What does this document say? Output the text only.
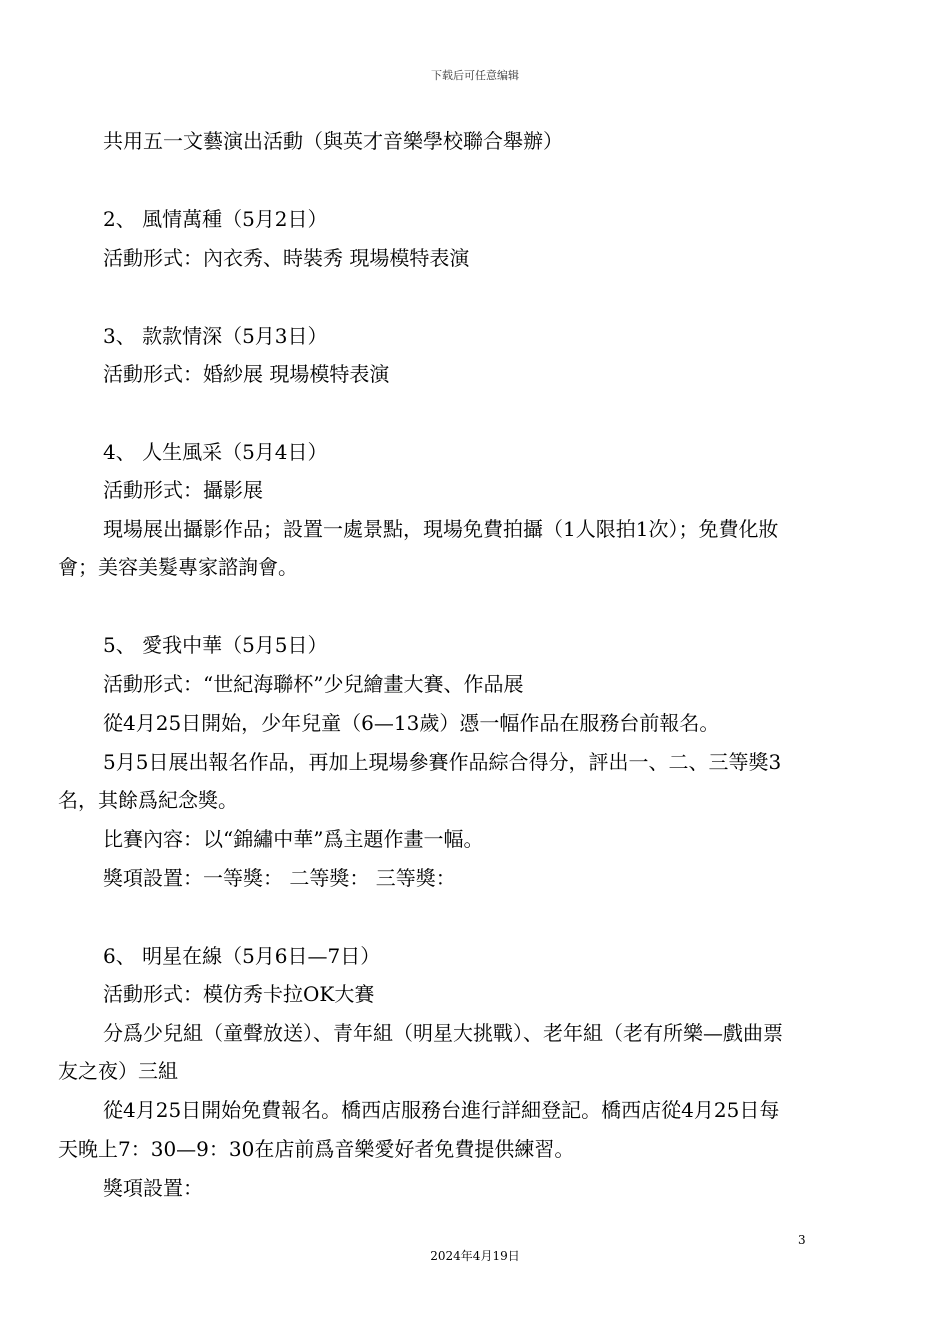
下载后可任意编辑
共用五一文藝演出活動（與英才音樂學校聯合舉辦）
2、 風情萬種（5月2日）
活動形式：內衣秀、時裝秀 現場模特表演
3、 款款情深（5月3日）
活動形式：婚紗展 現場模特表演
4、 人生風采（5月4日）
活動形式：攝影展
現場展出攝影作品；設置一處景點，現場免費拍攝（1人限拍1次）；免費化妝
會；美容美髮專家諮詢會。
5、 愛我中華（5月5日）
活動形式：“世紀海聯杯”少兒繪畫大賽、作品展
從4月25日開始，少年兒童（6—13歲）憑一幅作品在服務台前報名。
5月5日展出報名作品，再加上現場參賽作品綜合得分，評出一、二、三等獎3
名，其餘爲紀念獎。
比賽內容：以“錦繡中華”爲主題作畫一幅。
獎項設置：一等獎： 二等獎： 三等獎：
6、 明星在線（5月6日—7日）
活動形式：模仿秀卡拉OK大賽
分爲少兒組（童聲放送）、青年組（明星大挑戰）、老年組（老有所樂—戲曲票
友之夜）三組
從4月25日開始免費報名。橋西店服務台進行詳細登記。橋西店從4月25日每
天晚上7：30—9：30在店前爲音樂愛好者免費提供練習。
獎項設置：
3
2024年4月19日
